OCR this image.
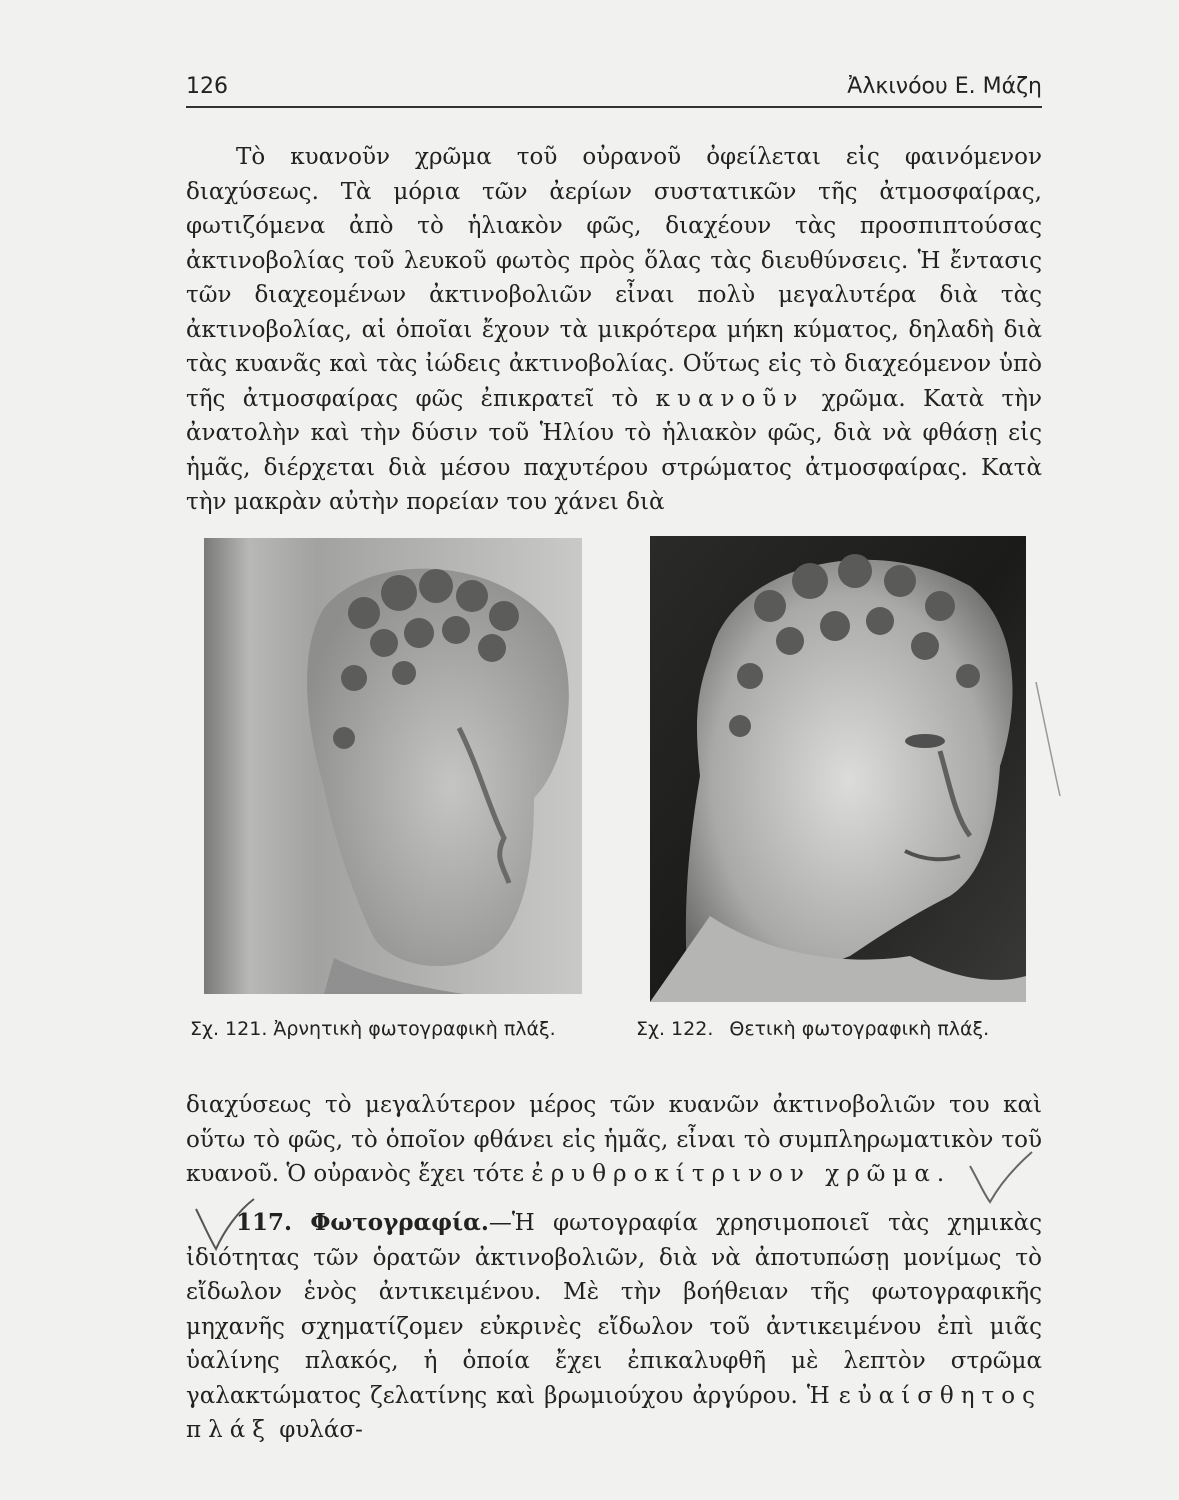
126	Ἀλκινόου Ε. Μάζη

Τὸ κυανοῦν χρῶμα τοῦ οὐρανοῦ ὀφείλεται εἰς φαινόμενον διαχύσεως. Τὰ μόρια τῶν ἀερίων συστατικῶν τῆς ἀτμοσφαίρας, φωτιζόμενα ἀπὸ τὸ ἡλιακὸν φῶς, διαχέουν τὰς προσπιπτούσας ἀκτινοβολίας τοῦ λευκοῦ φωτὸς πρὸς ὅλας τὰς διευθύνσεις. Ἡ ἔντασις τῶν διαχεομένων ἀκτινοβολιῶν εἶναι πολὺ μεγαλυτέρα διὰ τὰς ἀκτινοβολίας, αἱ ὁποῖαι ἔχουν τὰ μικρότερα μήκη κύματος, δηλαδὴ διὰ τὰς κυανᾶς καὶ τὰς ἰώδεις ἀκτινοβολίας. Οὕτως εἰς τὸ διαχεόμενον ὑπὸ τῆς ἀτμοσφαίρας φῶς ἐπικρατεῖ τὸ κυανοῦν χρῶμα. Κατὰ τὴν ἀνατολὴν καὶ τὴν δύσιν τοῦ Ἡλίου τὸ ἡλιακὸν φῶς, διὰ νὰ φθάσῃ εἰς ἡμᾶς, διέρχεται διὰ μέσου παχυτέρου στρώματος ἀτμοσφαίρας. Κατὰ τὴν μακρὰν αὐτὴν πορείαν του χάνει διὰ

Σχ. 121. Ἀρνητικὴ φωτογραφικὴ πλάξ.	Σχ. 122. Θετικὴ φωτογραφικὴ πλάξ.

διαχύσεως τὸ μεγαλύτερον μέρος τῶν κυανῶν ἀκτινοβολιῶν του καὶ οὕτω τὸ φῶς, τὸ ὁποῖον φθάνει εἰς ἡμᾶς, εἶναι τὸ συμπληρωματικὸν τοῦ κυανοῦ. Ὁ οὐρανὸς ἔχει τότε ἐρυθροκίτρινον χρῶμα.

117. Φωτογραφία.—Ἡ φωτογραφία χρησιμοποιεῖ τὰς χημικὰς ἰδιότητας τῶν ὁρατῶν ἀκτινοβολιῶν, διὰ νὰ ἀποτυπώσῃ μονίμως τὸ εἴδωλον ἑνὸς ἀντικειμένου. Μὲ τὴν βοήθειαν τῆς φωτογραφικῆς μηχανῆς σχηματίζομεν εὐκρινὲς εἴδωλον τοῦ ἀντικειμένου ἐπὶ μιᾶς ὑαλίνης πλακός, ἡ ὁποία ἔχει ἐπικαλυφθῆ μὲ λεπτὸν στρῶμα γαλακτώματος ζελατίνης καὶ βρωμιούχου ἀργύρου. Ἡ εὐαίσθητος πλάξ φυλάσ-
